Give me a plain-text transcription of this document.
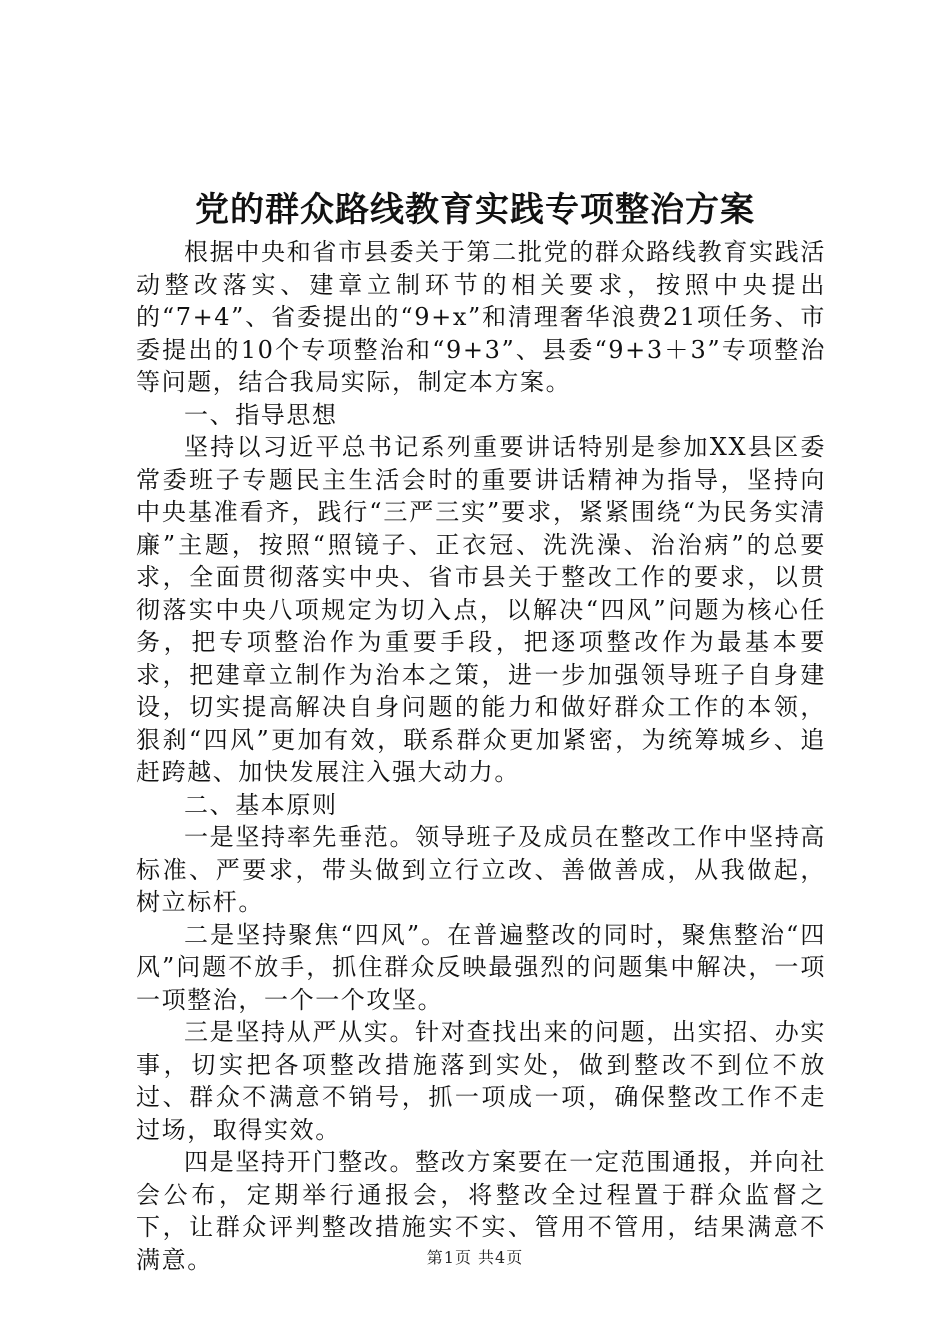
党的群众路线教育实践专项整治方案

根据中央和省市县委关于第二批党的群众路线教育实践活动整改落实、建章立制环节的相关要求，按照中央提出的“7+4”、省委提出的“9+x”和清理奢华浪费21项任务、市委提出的10个专项整治和“9+3”、县委“9+3＋3”专项整治等问题，结合我局实际，制定本方案。

一、指导思想

坚持以习近平总书记系列重要讲话特别是参加XX县区委常委班子专题民主生活会时的重要讲话精神为指导，坚持向中央基准看齐，践行“三严三实”要求，紧紧围绕“为民务实清廉”主题，按照“照镜子、正衣冠、洗洗澡、治治病”的总要求，全面贯彻落实中央、省市县关于整改工作的要求，以贯彻落实中央八项规定为切入点，以解决“四风”问题为核心任务，把专项整治作为重要手段，把逐项整改作为最基本要求，把建章立制作为治本之策，进一步加强领导班子自身建设，切实提高解决自身问题的能力和做好群众工作的本领，狠刹“四风”更加有效，联系群众更加紧密，为统筹城乡、追赶跨越、加快发展注入强大动力。

二、基本原则

一是坚持率先垂范。领导班子及成员在整改工作中坚持高标准、严要求，带头做到立行立改、善做善成，从我做起，树立标杆。

二是坚持聚焦“四风”。在普遍整改的同时，聚焦整治“四风”问题不放手，抓住群众反映最强烈的问题集中解决，一项一项整治，一个一个攻坚。

三是坚持从严从实。针对查找出来的问题，出实招、办实事，切实把各项整改措施落到实处，做到整改不到位不放过、群众不满意不销号，抓一项成一项，确保整改工作不走过场，取得实效。

四是坚持开门整改。整改方案要在一定范围通报，并向社会公布，定期举行通报会，将整改全过程置于群众监督之下，让群众评判整改措施实不实、管用不管用，结果满意不满意。	第1页 共4页
